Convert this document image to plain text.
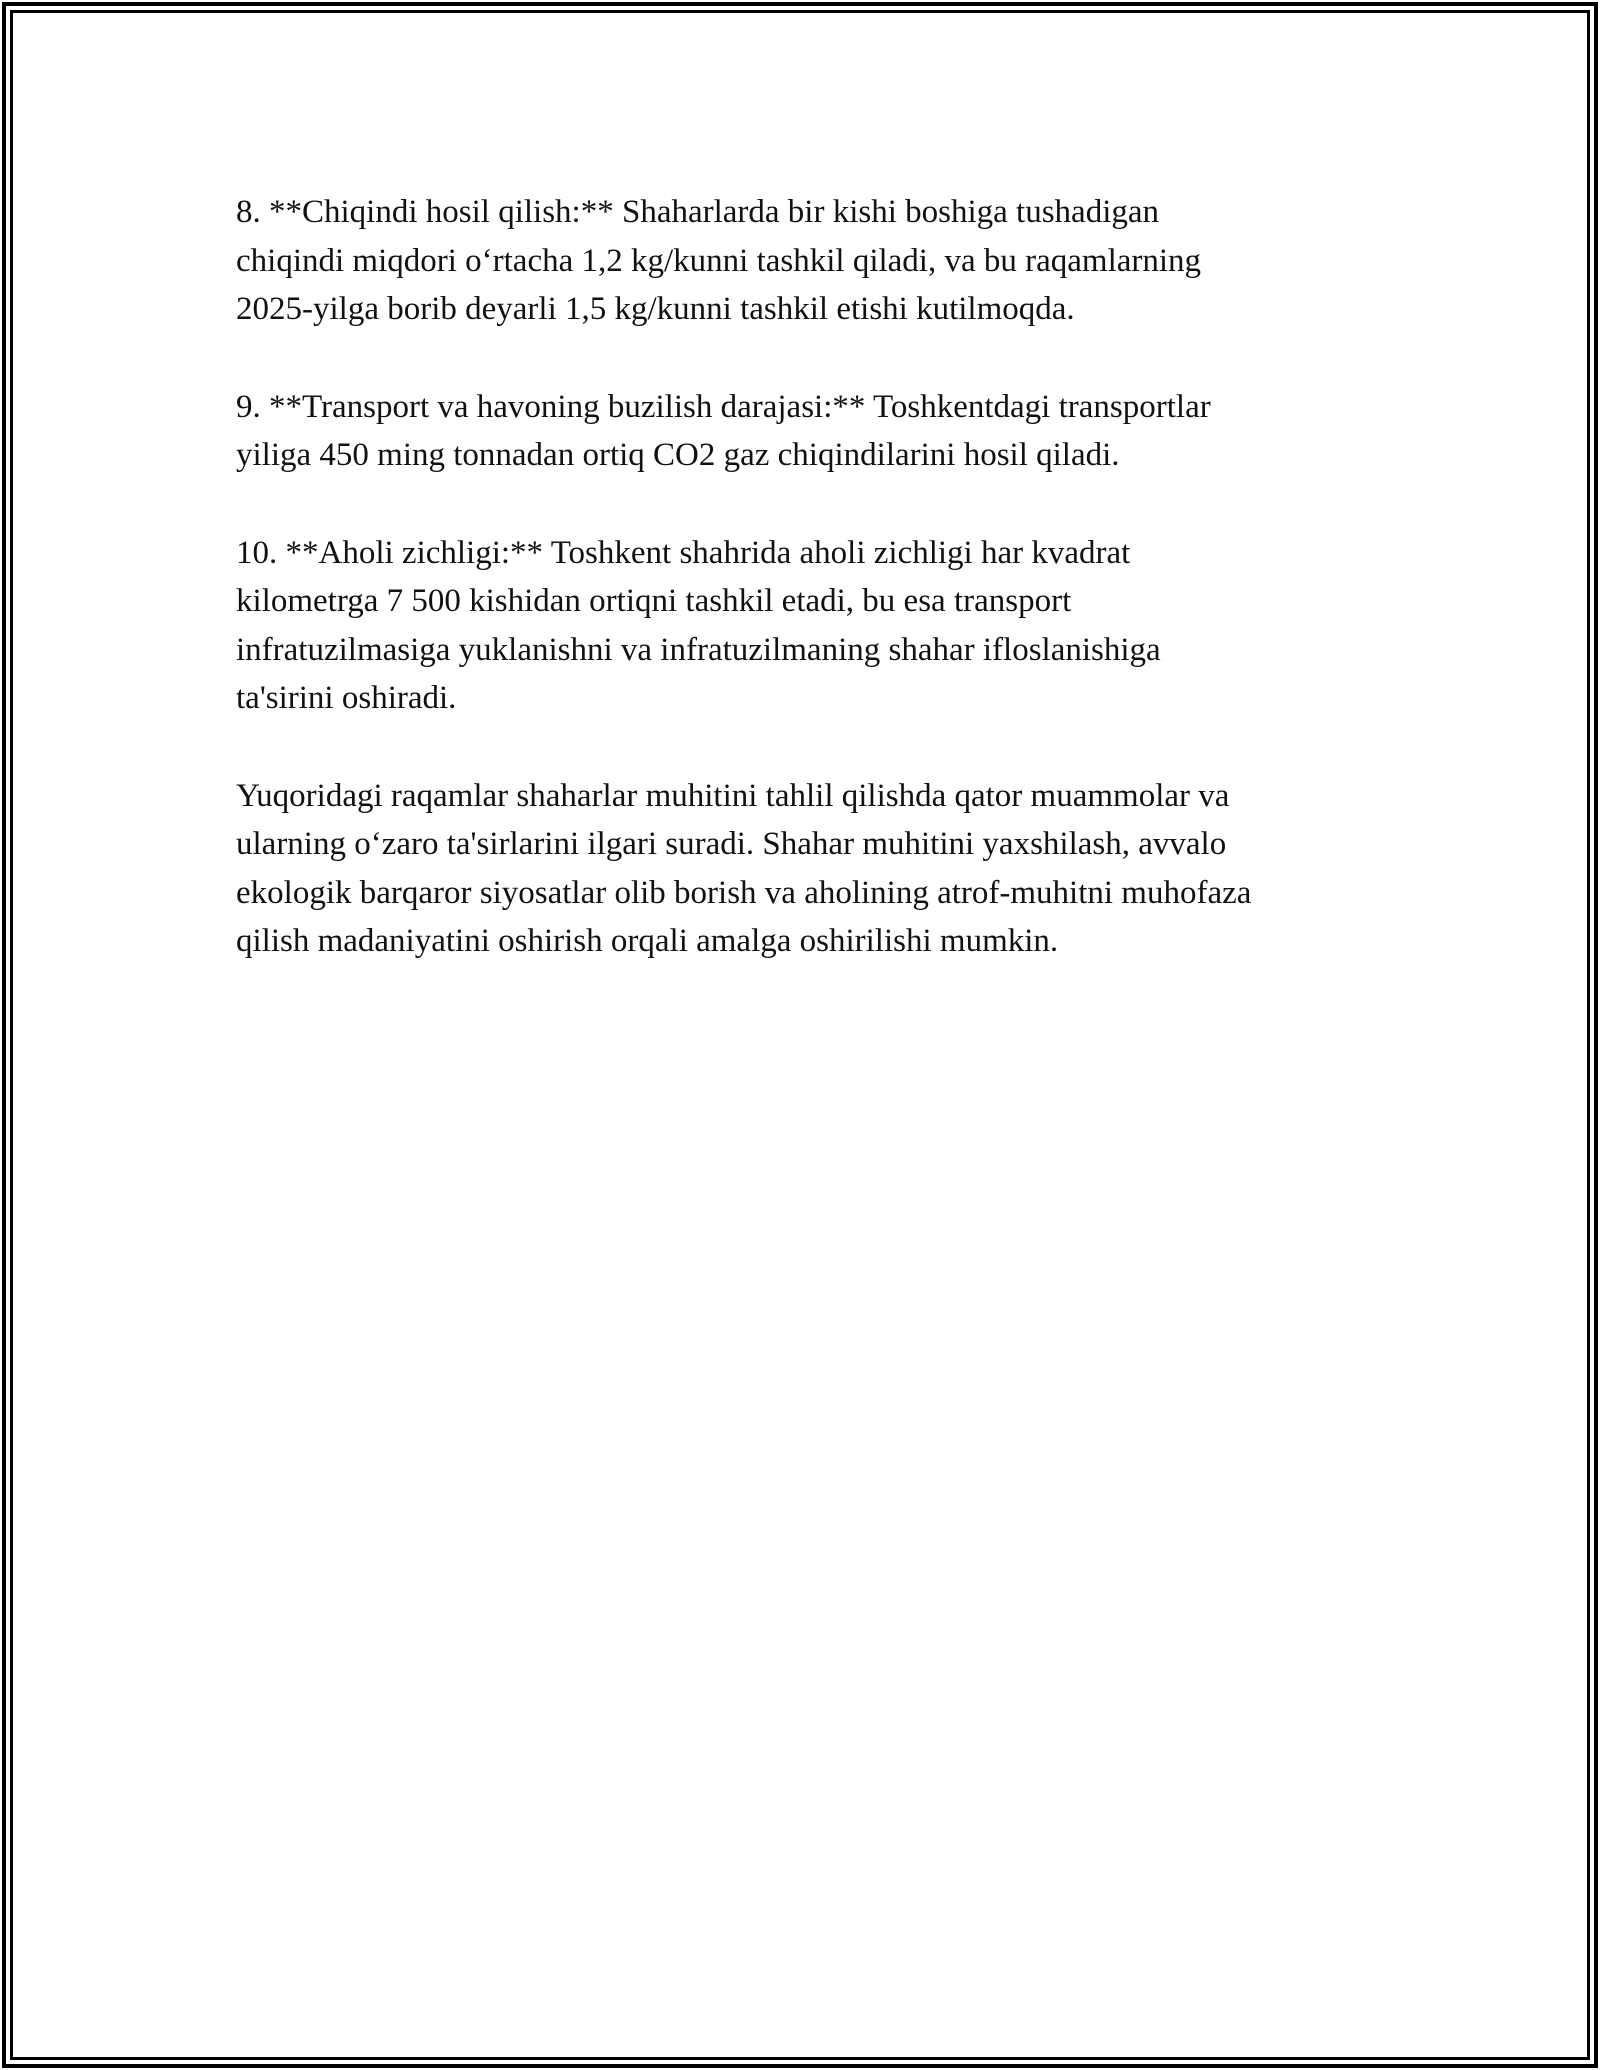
8. **Chiqindi hosil qilish:** Shaharlarda bir kishi boshiga tushadigan
chiqindi miqdori o‘rtacha 1,2 kg/kunni tashkil qiladi, va bu raqamlarning
2025-yilga borib deyarli 1,5 kg/kunni tashkil etishi kutilmoqda.

9. **Transport va havoning buzilish darajasi:** Toshkentdagi transportlar
yiliga 450 ming tonnadan ortiq CO2 gaz chiqindilarini hosil qiladi.

10. **Aholi zichligi:** Toshkent shahrida aholi zichligi har kvadrat
kilometrga 7 500 kishidan ortiqni tashkil etadi, bu esa transport
infratuzilmasiga yuklanishni va infratuzilmaning shahar ifloslanishiga
ta'sirini oshiradi.

Yuqoridagi raqamlar shaharlar muhitini tahlil qilishda qator muammolar va
ularning o‘zaro ta'sirlarini ilgari suradi. Shahar muhitini yaxshilash, avvalo
ekologik barqaror siyosatlar olib borish va aholining atrof-muhitni muhofaza
qilish madaniyatini oshirish orqali amalga oshirilishi mumkin.
